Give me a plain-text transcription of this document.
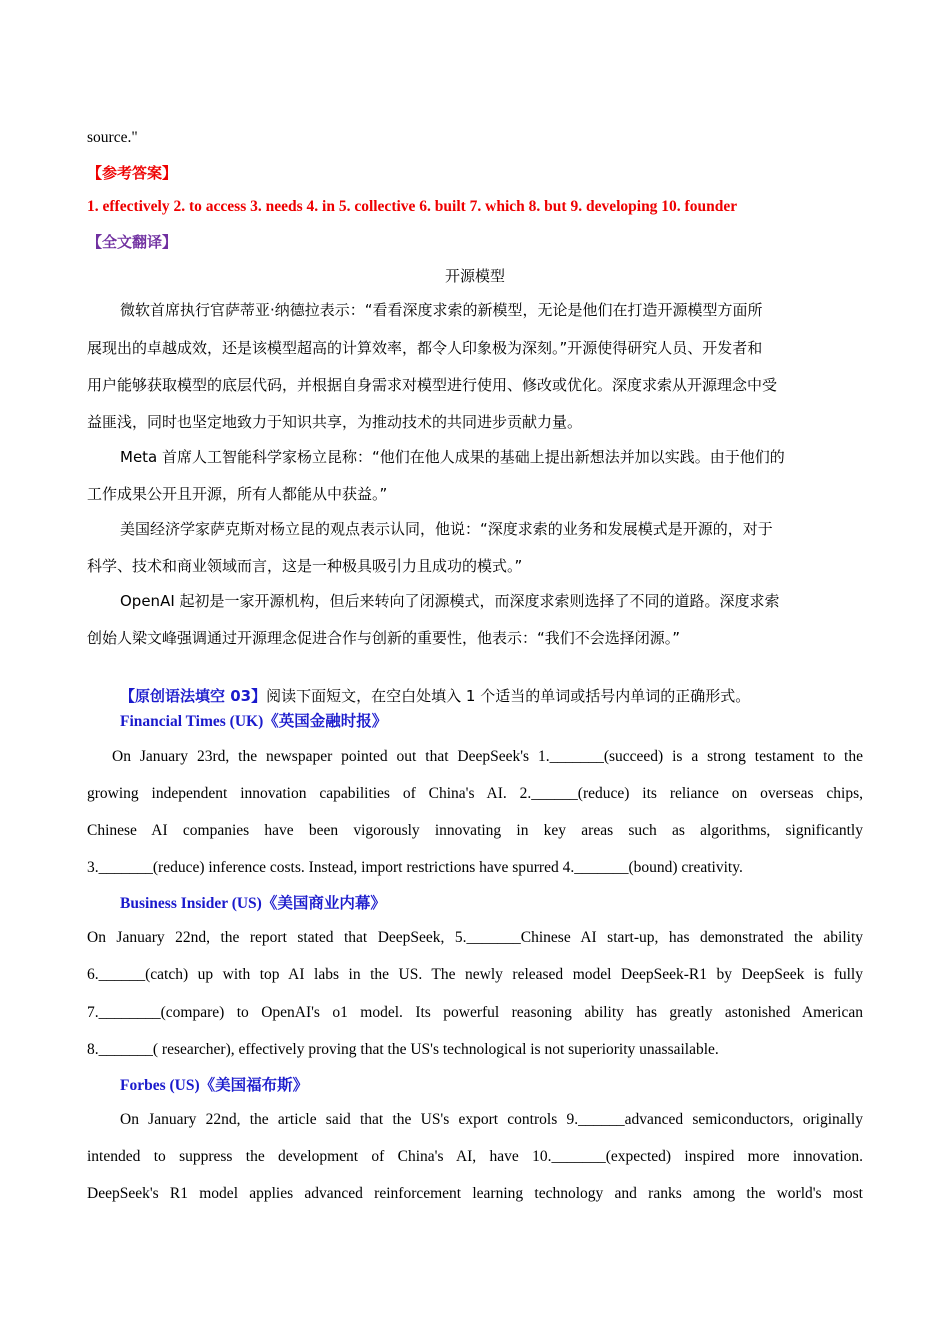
source."
【参考答案】
1. effectively 2. to access 3. needs 4. in 5. collective 6. built 7. which 8. but 9. developing 10. founder
【全文翻译】
开源模型
微软首席执行官萨蒂亚·纳德拉表示：“看看深度求索的新模型，无论是他们在打造开源模型方面所
展现出的卓越成效，还是该模型超高的计算效率，都令人印象极为深刻。”开源使得研究人员、开发者和
用户能够获取模型的底层代码，并根据自身需求对模型进行使用、修改或优化。深度求索从开源理念中受
益匪浅，同时也坚定地致力于知识共享，为推动技术的共同进步贡献力量。
Meta 首席人工智能科学家杨立昆称：“他们在他人成果的基础上提出新想法并加以实践。由于他们的
工作成果公开且开源，所有人都能从中获益。”
美国经济学家萨克斯对杨立昆的观点表示认同，他说：“深度求索的业务和发展模式是开源的，对于
科学、技术和商业领域而言，这是一种极具吸引力且成功的模式。”
OpenAI 起初是一家开源机构，但后来转向了闭源模式，而深度求索则选择了不同的道路。深度求索
创始人梁文峰强调通过开源理念促进合作与创新的重要性，他表示：“我们不会选择闭源。”
【原创语法填空 03】阅读下面短文，在空白处填入 1 个适当的单词或括号内单词的正确形式。
Financial Times (UK)《英国金融时报》
On January 23rd, the newspaper pointed out that DeepSeek's 1._______(succeed) is a strong testament to the
growing independent innovation capabilities of China's AI. 2.______(reduce) its reliance on overseas chips,
Chinese AI companies have been vigorously innovating in key areas such as algorithms, significantly
3._______(reduce) inference costs. Instead, import restrictions have spurred 4._______(bound) creativity.
Business Insider (US)《美国商业内幕》
On January 22nd, the report stated that DeepSeek, 5._______Chinese AI start-up, has demonstrated the ability
6.______(catch) up with top AI labs in the US. The newly released model DeepSeek-R1 by DeepSeek is fully
7.________(compare) to OpenAI's o1 model. Its powerful reasoning ability has greatly astonished American
8._______( researcher), effectively proving that the US's technological is not superiority unassailable.
Forbes (US)《美国福布斯》
On January 22nd, the article said that the US's export controls 9.______advanced semiconductors, originally
intended to suppress the development of China's AI, have 10._______(expected) inspired more innovation.
DeepSeek's R1 model applies advanced reinforcement learning technology and ranks among the world's most
